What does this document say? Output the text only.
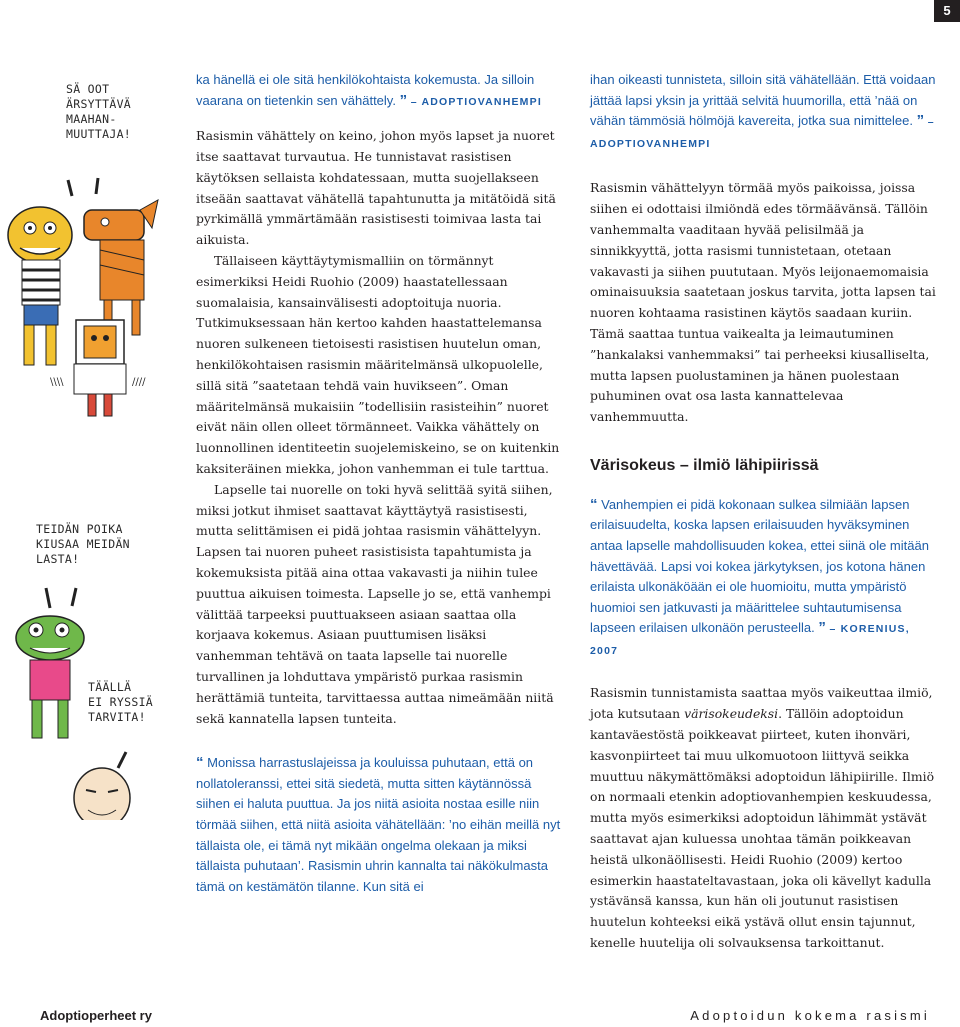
5
SÄ OOT
ÄRSYTTÄVÄ
MAAHAN-
MUUTTAJA!
\\\\	////
TEIDÄN POIKA
KIUSAA MEIDÄN
LASTA!
TÄÄLLÄ
EI RYSSIÄ
TARVITA!

ka hänellä ei ole sitä henkilökohtaista kokemusta. Ja silloin vaarana on tietenkin sen vähättely. ” – ADOPTIOVANHEMPI

Rasismin vähättely on keino, johon myös lapset ja nuoret itse saattavat turvautua. He tunnistavat rasistisen käytöksen sellaista kohdatessaan, mutta suojellakseen itseään saattavat vähätellä tapahtunutta ja mitätöidä sitä pyrkimällä ymmärtämään rasistisesti toimivaa lasta tai aikuista.

Tällaiseen käyttäytymismalliin on törmännyt esimerkiksi Heidi Ruohio (2009) haastatellessaan suomalaisia, kansainvälisesti adoptoituja nuoria. Tutkimuksessaan hän kertoo kahden haastattelemansa nuoren sulkeneen tietoisesti rasistisen huutelun oman, henkilökohtaisen rasismin määritelmänsä ulkopuolelle, sillä sitä ”saatetaan tehdä vain huvikseen”. Oman määritelmänsä mukaisiin ”todellisiin rasisteihin” nuoret eivät näin ollen olleet törmänneet. Vaikka vähättely on luonnollinen identiteetin suojelemiskeino, se on kuitenkin kaksiteräinen miekka, johon vanhemman ei tule tarttua.

Lapselle tai nuorelle on toki hyvä selittää syitä siihen, miksi jotkut ihmiset saattavat käyttäytyä rasistisesti, mutta selittämisen ei pidä johtaa rasismin vähättelyyn. Lapsen tai nuoren puheet rasistisista tapahtumista ja kokemuksista pitää aina ottaa vakavasti ja niihin tulee puuttua aikuisen toimesta. Lapselle jo se, että vanhempi välittää tarpeeksi puuttuakseen asiaan saattaa olla korjaava kokemus. Asiaan puuttumisen lisäksi vanhemman tehtävä on taata lapselle tai nuorelle turvallinen ja lohduttava ympäristö purkaa rasismin herättämiä tunteita, tarvittaessa auttaa nimeämään niitä sekä kannatella lapsen tunteita.

“ Monissa harrastuslajeissa ja kouluissa puhutaan, että on nollatoleranssi, ettei sitä siedetä, mutta sitten käytännössä siihen ei haluta puuttua. Ja jos niitä asioita nostaa esille niin törmää siihen, että niitä asioita vähätellään: ’no eihän meillä nyt tällaista ole, ei tämä nyt mikään ongelma olekaan ja miksi tällaista puhutaan’. Rasismin uhrin kannalta tai näkökulmasta tämä on kestämätön tilanne. Kun sitä ei

ihan oikeasti tunnisteta, silloin sitä vähätellään. Että voidaan jättää lapsi yksin ja yrittää selvitä huumorilla, että ’nää on vähän tämmösiä hölmöjä kavereita, jotka sua nimittelee. ” – ADOPTIOVANHEMPI

Rasismin vähättelyyn törmää myös paikoissa, joissa siihen ei odottaisi ilmiöndä edes törmäävänsä. Tällöin vanhemmalta vaaditaan hyvää pelisilmää ja sinnikkyyttä, jotta rasismi tunnistetaan, otetaan vakavasti ja siihen puututaan. Myös leijonaemomaisia ominaisuuksia saatetaan joskus tarvita, jotta lapsen tai nuoren kohtaama rasistinen käytös saadaan kuriin. Tämä saattaa tuntua vaikealta ja leimautuminen ”hankalaksi vanhemmaksi” tai perheeksi kiusalliselta, mutta lapsen puolustaminen ja hänen puolestaan puhuminen ovat osa lasta kannattelevaa vanhemmuutta.

Värisokeus – ilmiö lähipiirissä

“ Vanhempien ei pidä kokonaan sulkea silmiään lapsen erilaisuudelta, koska lapsen erilaisuuden hyväksyminen antaa lapselle mahdollisuuden kokea, ettei siinä ole mitään hävettävää. Lapsi voi kokea järkytyksen, jos kotona hänen erilaista ulkonäköään ei ole huomioitu, mutta ympäristö huomioi sen jatkuvasti ja määrittelee suhtautumisensa lapseen erilaisen ulkonäön perusteella. ” – KORENIUS, 2007

Rasismin tunnistamista saattaa myös vaikeuttaa ilmiö, jota kutsutaan värisokeudeksi. Tällöin adoptoidun kantaväestöstä poikkeavat piirteet, kuten ihonväri, kasvonpiirteet tai muu ulkomuotoon liittyvä seikka muuttuu näkymättömäksi adoptoidun lähipiirille. Ilmiö on normaali etenkin adoptiovanhempien keskuudessa, mutta myös esimerkiksi adoptoidun lähimmät ystävät saattavat ajan kuluessa unohtaa tämän poikkeavan heistä ulkonäöllisesti. Heidi Ruohio (2009) kertoo esimerkin haastateltavastaan, joka oli kävellyt kadulla ystävänsä kanssa, kun hän oli joutunut rasistisen huutelun kohteeksi eikä ystävä ollut ensin tajunnut, kenelle huutelija oli solvauksensa tarkoittanut.

Adoptioperheet ry	Adoptoidun kokema rasismi
